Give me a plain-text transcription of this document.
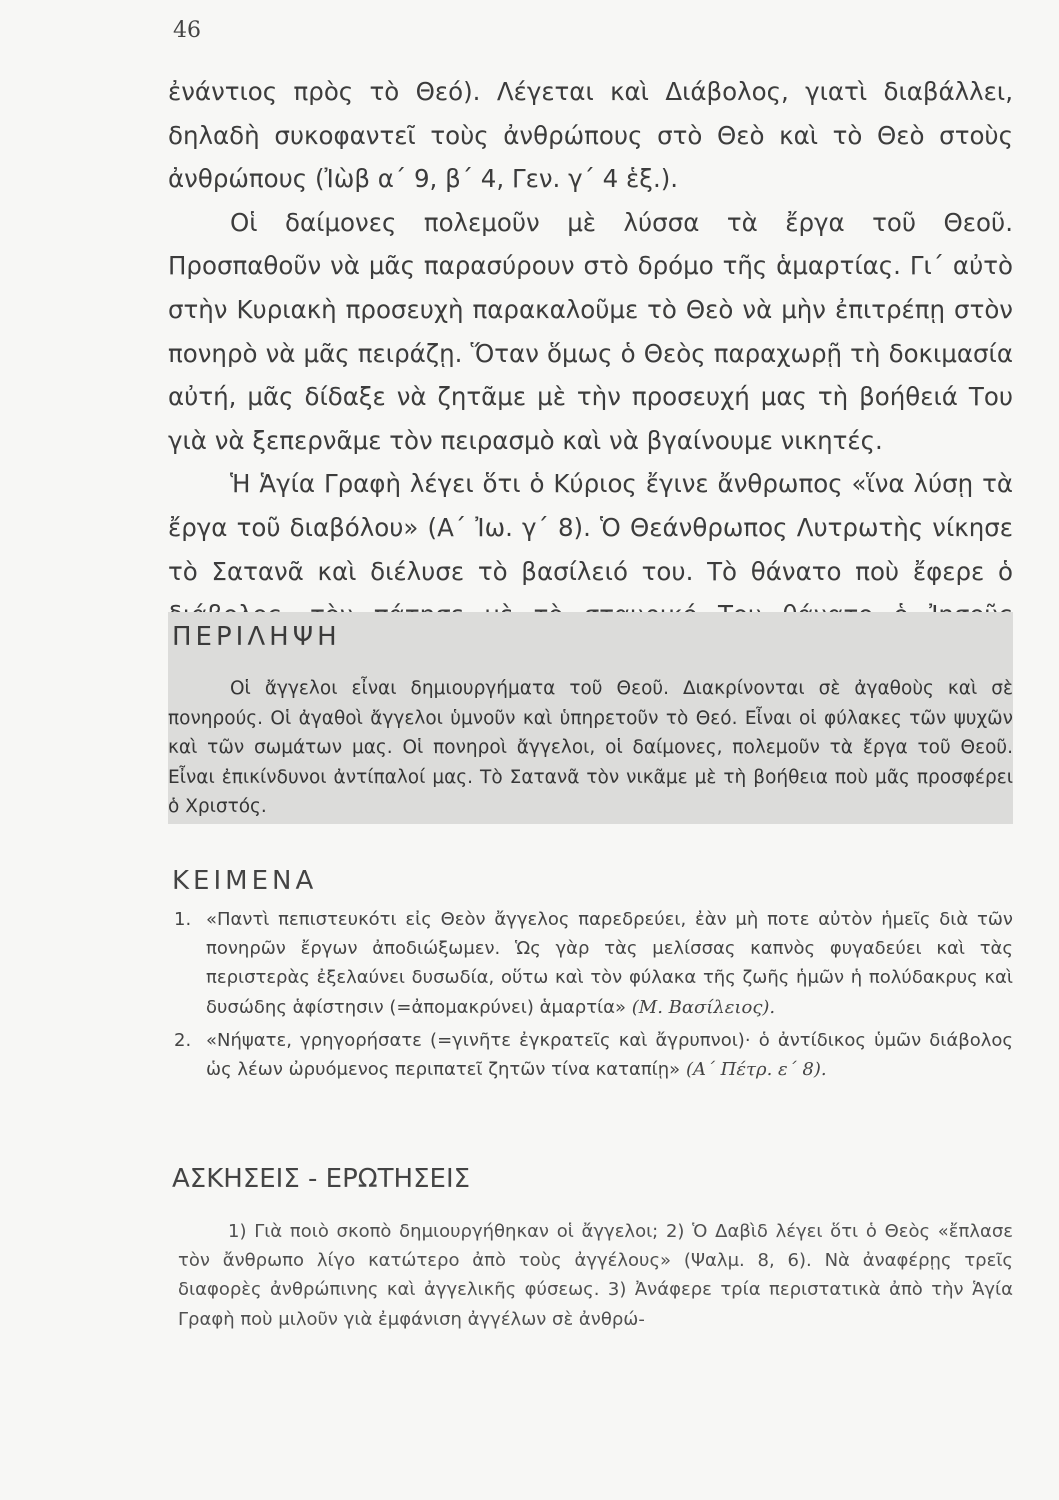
46

ἐνάντιος πρὸς τὸ Θεό). Λέγεται καὶ Διάβολος, γιατὶ διαβάλλει, δηλαδὴ συκοφαντεῖ τοὺς ἀνθρώπους στὸ Θεὸ καὶ τὸ Θεὸ στοὺς ἀνθρώπους (Ἰὼβ α΄ 9, β΄ 4, Γεν. γ΄ 4 ἑξ.).

Οἱ δαίμονες πολεμοῦν μὲ λύσσα τὰ ἔργα τοῦ Θεοῦ. Προσπαθοῦν νὰ μᾶς παρασύρουν στὸ δρόμο τῆς ἁμαρτίας. Γι΄ αὐτὸ στὴν Κυριακὴ προσευχὴ παρακαλοῦμε τὸ Θεὸ νὰ μὴν ἐπιτρέπῃ στὸν πονηρὸ νὰ μᾶς πειράζῃ. Ὅταν ὅμως ὁ Θεὸς παραχωρῇ τὴ δοκιμασία αὐτή, μᾶς δίδαξε νὰ ζητᾶμε μὲ τὴν προσευχή μας τὴ βοήθειά Του γιὰ νὰ ξεπερνᾶμε τὸν πειρασμὸ καὶ νὰ βγαίνουμε νικητές.

Ἡ Ἁγία Γραφὴ λέγει ὅτι ὁ Κύριος ἔγινε ἄνθρωπος «ἵνα λύσῃ τὰ ἔργα τοῦ διαβόλου» (Α΄ Ἰω. γ΄ 8). Ὁ Θεάνθρωπος Λυτρωτὴς νίκησε τὸ Σατανᾶ καὶ διέλυσε τὸ βασίλειό του. Τὸ θάνατο ποὺ ἔφερε ὁ

ΠΕΡΙΛΗΨΗ
Οἱ ἄγγελοι εἶναι δημιουργήματα τοῦ Θεοῦ. Διακρίνονται σὲ ἀγαθοὺς καὶ σὲ πονηρούς. Οἱ ἀγαθοὶ ἄγγελοι ὑμνοῦν καὶ ὑπηρετοῦν τὸ Θεό. Εἶναι οἱ φύλακες τῶν ψυχῶν καὶ τῶν σωμάτων μας. Οἱ πονηροὶ ἄγγελοι, οἱ δαίμονες, πολεμοῦν τὰ ἔργα τοῦ Θεοῦ. Εἶναι ἐπικίνδυνοι ἀντίπαλοί μας. Τὸ Σατανᾶ τὸν νικᾶμε μὲ τὴ βοήθεια ποὺ μᾶς προσφέρει ὁ Χριστός.
ΚΕΙΜΕΝΑ
1. «Παντὶ πεπιστευκότι εἰς Θεὸν ἄγγελος παρεδρεύει, ἐὰν μὴ ποτε αὐτὸν ἡμεῖς διὰ τῶν πονηρῶν ἔργων ἀποδιώξωμεν. Ὡς γὰρ τὰς μελίσσας καπνὸς φυγαδεύει καὶ τὰς περιστερὰς ἐξελαύνει δυσωδία, οὕτω καὶ τὸν φύλακα τῆς ζωῆς ἡμῶν ἡ πολύδακρυς καὶ δυσώδης ἁφίστησιν (=ἀπομακρύνει) ἁμαρτία» (Μ. Βασίλειος).
2. «Νήψατε, γρηγορήσατε (=γινῆτε ἐγκρατεῖς καὶ ἄγρυπνοι)· ὁ ἀντίδικος ὑμῶν διάβολος ὡς λέων ὠρυόμενος περιπατεῖ ζητῶν τίνα καταπίῃ» (Α΄ Πέτρ. ε΄ 8).
ΑΣΚΗΣΕΙΣ - ΕΡΩΤΗΣΕΙΣ
1) Γιὰ ποιὸ σκοπὸ δημιουργήθηκαν οἱ ἄγγελοι; 2) Ὁ Δαβὶδ λέγει ὅτι ὁ Θεὸς «ἔπλασε τὸν ἄνθρωπο λίγο κατώτερο ἀπὸ τοὺς ἀγγέλους» (Ψαλμ. 8, 6). Νὰ ἀναφέρῃς τρεῖς διαφορὲς ἀνθρώπινης καὶ ἀγγελικῆς φύσεως. 3) Ἀνάφερε τρία περιστατικὰ ἀπὸ τὴν Ἁγία Γραφὴ ποὺ μιλοῦν γιὰ ἐμφάνιση ἀγγέλων σὲ ἀνθρώ-
